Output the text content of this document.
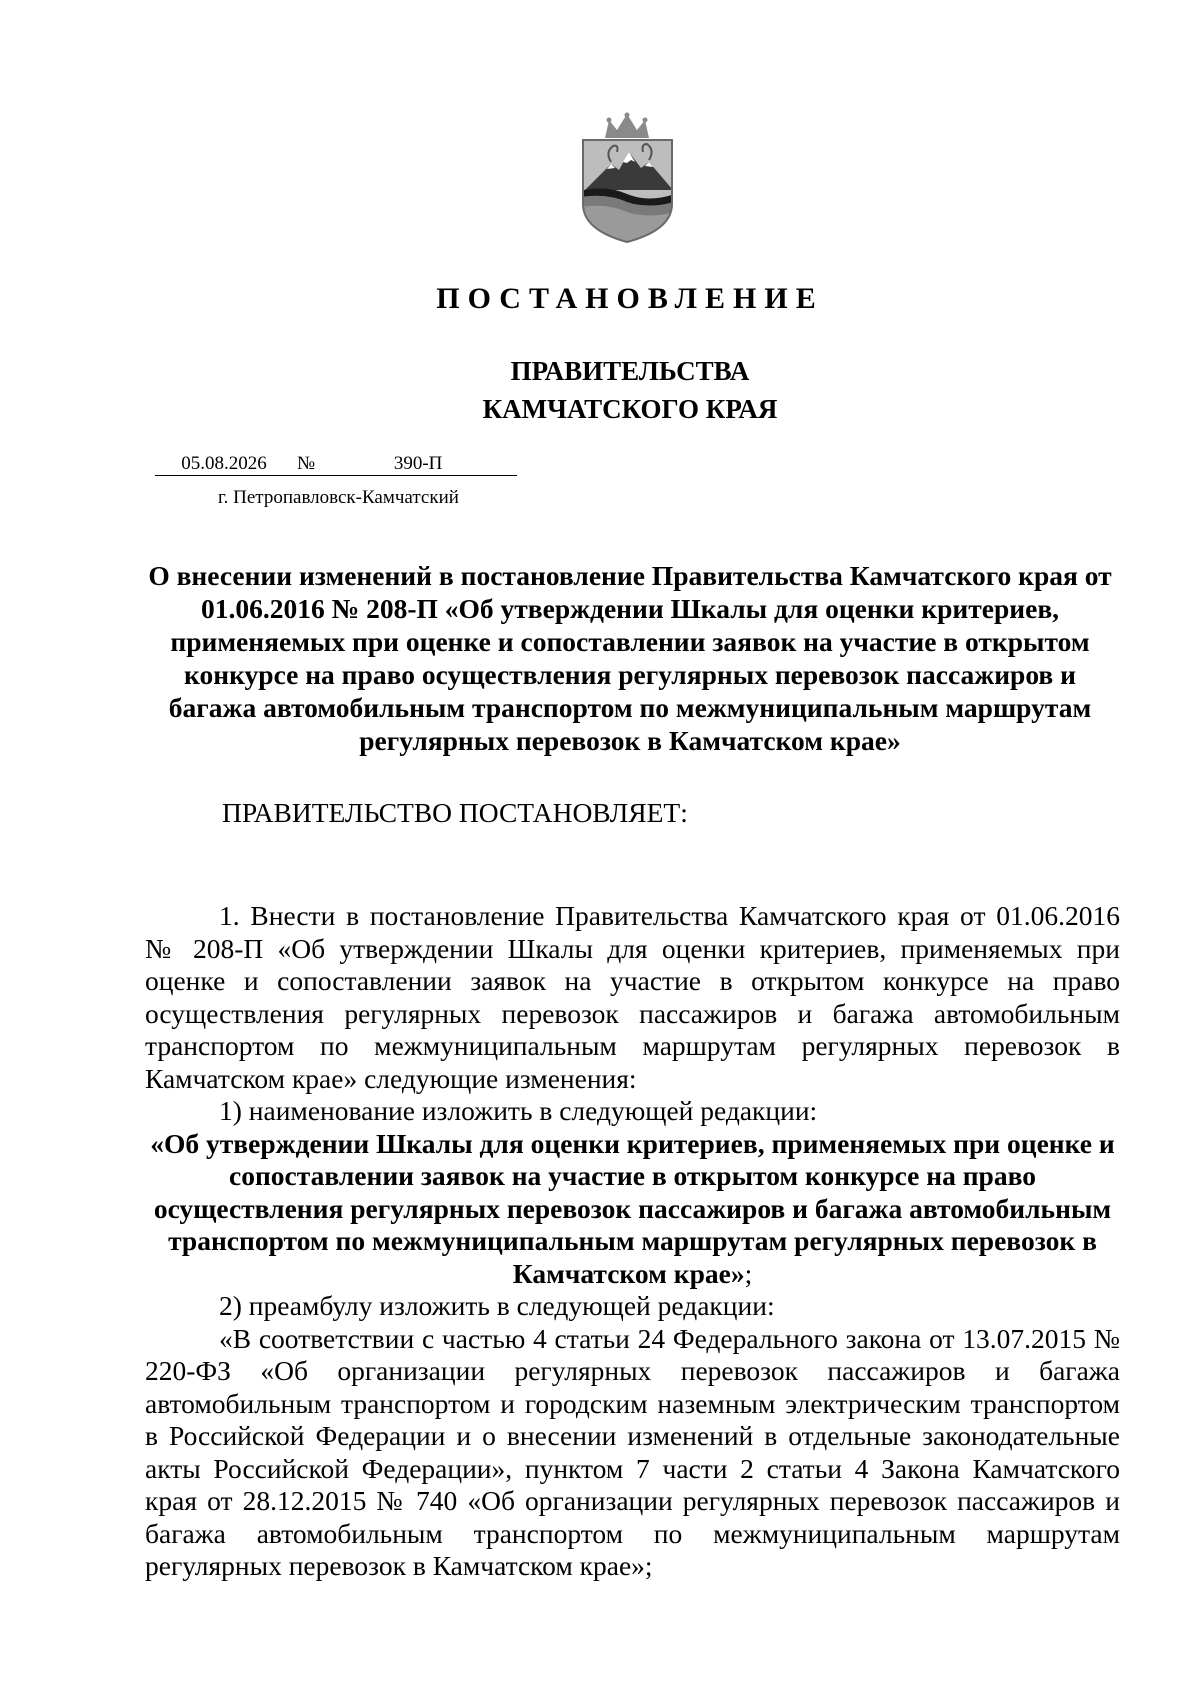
ПОСТАНОВЛЕНИЕ
ПРАВИТЕЛЬСТВА
КАМЧАТСКОГО КРАЯ
05.08.2026 №	390-П
г. Петропавловск-Камчатский
О внесении изменений в постановление Правительства Камчатского края от 01.06.2016 № 208-П «Об утверждении Шкалы для оценки критериев, применяемых при оценке и сопоставлении заявок на участие в открытом конкурсе на право осуществления регулярных перевозок пассажиров и багажа автомобильным транспортом по межмуниципальным маршрутам регулярных перевозок в Камчатском крае»
ПРАВИТЕЛЬСТВО ПОСТАНОВЛЯЕТ:

1. Внести в постановление Правительства Камчатского края от 01.06.2016 № 208-П «Об утверждении Шкалы для оценки критериев, применяемых при оценке и сопоставлении заявок на участие в открытом конкурсе на право осуществления регулярных перевозок пассажиров и багажа автомобильным транспортом по межмуниципальным маршрутам регулярных перевозок в Камчатском крае» следующие изменения:

1) наименование изложить в следующей редакции:

«Об утверждении Шкалы для оценки критериев, применяемых при оценке и сопоставлении заявок на участие в открытом конкурсе на право осуществления регулярных перевозок пассажиров и багажа автомобильным транспортом по межмуниципальным маршрутам регулярных перевозок в Камчатском крае»;

2) преамбулу изложить в следующей редакции:

«В соответствии с частью 4 статьи 24 Федерального закона от 13.07.2015 № 220-ФЗ «Об организации регулярных перевозок пассажиров и багажа автомобильным транспортом и городским наземным электрическим транспортом в Российской Федерации и о внесении изменений в отдельные законодательные акты Российской Федерации», пунктом 7 части 2 статьи 4 Закона Камчатского края от 28.12.2015 № 740 «Об организации регулярных перевозок пассажиров и багажа автомобильным транспортом по межмуниципальным маршрутам регулярных перевозок в Камчатском крае»;
